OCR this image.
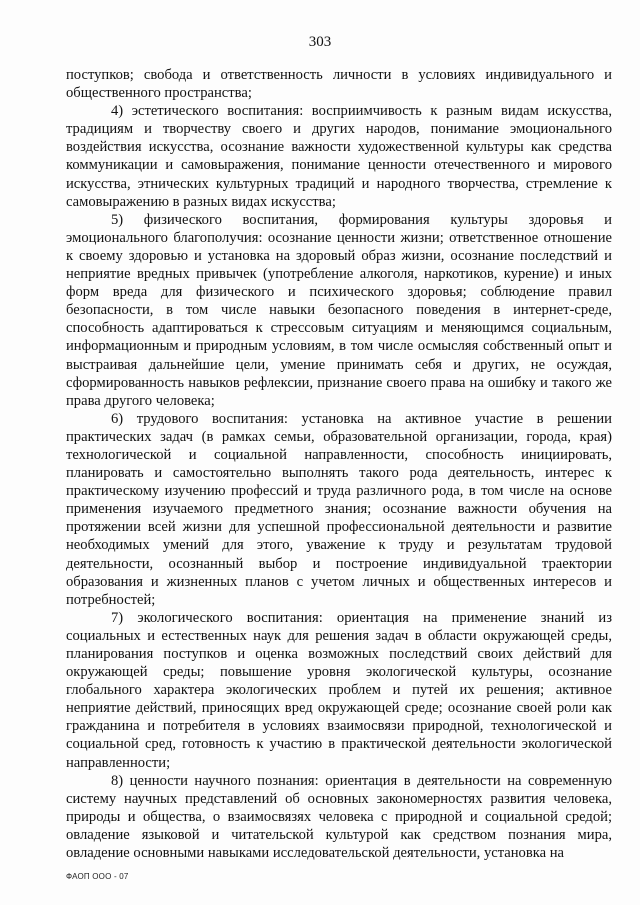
303

поступков; свобода и ответственность личности в условиях индивидуального и общественного пространства;

4) эстетического воспитания: восприимчивость к разным видам искусства, традициям и творчеству своего и других народов, понимание эмоционального воздействия искусства, осознание важности художественной культуры как средства коммуникации и самовыражения, понимание ценности отечественного и мирового искусства, этнических культурных традиций и народного творчества, стремление к самовыражению в разных видах искусства;

5) физического воспитания, формирования культуры здоровья и эмоционального благополучия: осознание ценности жизни; ответственное отношение к своему здоровью и установка на здоровый образ жизни, осознание последствий и неприятие вредных привычек (употребление алкоголя, наркотиков, курение) и иных форм вреда для физического и психического здоровья; соблюдение правил безопасности, в том числе навыки безопасного поведения в интернет-среде, способность адаптироваться к стрессовым ситуациям и меняющимся социальным, информационным и природным условиям, в том числе осмысляя собственный опыт и выстраивая дальнейшие цели, умение принимать себя и других, не осуждая, сформированность навыков рефлексии, признание своего права на ошибку и такого же права другого человека;

6) трудового воспитания: установка на активное участие в решении практических задач (в рамках семьи, образовательной организации, города, края) технологической и социальной направленности, способность инициировать, планировать и самостоятельно выполнять такого рода деятельность, интерес к практическому изучению профессий и труда различного рода, в том числе на основе применения изучаемого предметного знания; осознание важности обучения на протяжении всей жизни для успешной профессиональной деятельности и развитие необходимых умений для этого, уважение к труду и результатам трудовой деятельности, осознанный выбор и построение индивидуальной траектории образования и жизненных планов с учетом личных и общественных интересов и потребностей;

7) экологического воспитания: ориентация на применение знаний из социальных и естественных наук для решения задач в области окружающей среды, планирования поступков и оценка возможных последствий своих действий для окружающей среды; повышение уровня экологической культуры, осознание глобального характера экологических проблем и путей их решения; активное неприятие действий, приносящих вред окружающей среде; осознание своей роли как гражданина и потребителя в условиях взаимосвязи природной, технологической и социальной сред, готовность к участию в практической деятельности экологической направленности;

8) ценности научного познания: ориентация в деятельности на современную систему научных представлений об основных закономерностях развития человека, природы и общества, о взаимосвязях человека с природной и социальной средой; овладение языковой и читательской культурой как средством познания мира, овладение основными навыками исследовательской деятельности, установка на

ФАОП ООО - 07
